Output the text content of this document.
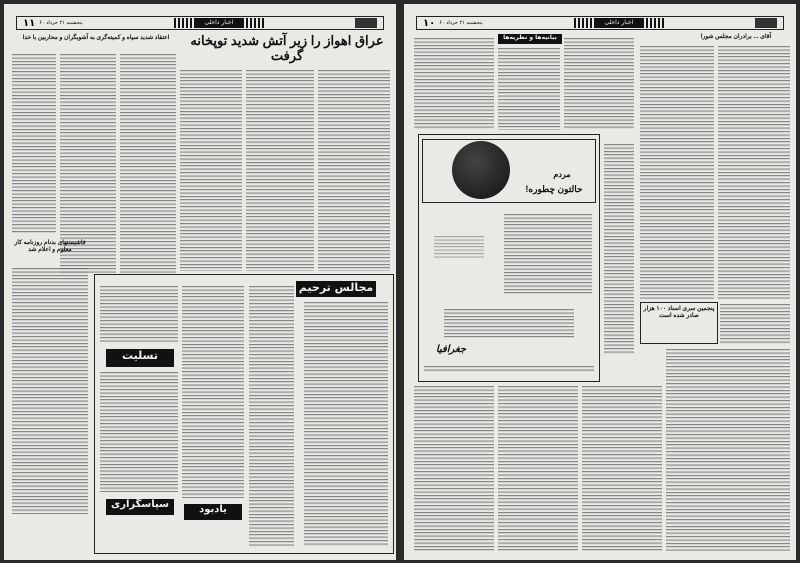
اخبار داخلی
پنجشنبه ۲۱ خرداد ۶۰
۱۱
عراق اهواز را زیر آتش شدید توپخانه گرفت
اعتقاد شدید سپاه و کمیته‌گری به آشوبگران و محاربین با خدا
فاشیستهای بدنام روزنامه کار معلوم و اعلام شد
مجالس ترحیم
تسلیت
سپاسگزاری	یادبود
اخبار داخلی
پنجشنبه ۲۱ خرداد ۶۰
۱۰
بیانیه‌ها و نظریه‌ها	آقای ... برادران مجلس شورا
مردم
حالتون چطوره!
جغرافیا
پنجمین سری اسناد ۱۰۰ هزار صادر شده است
